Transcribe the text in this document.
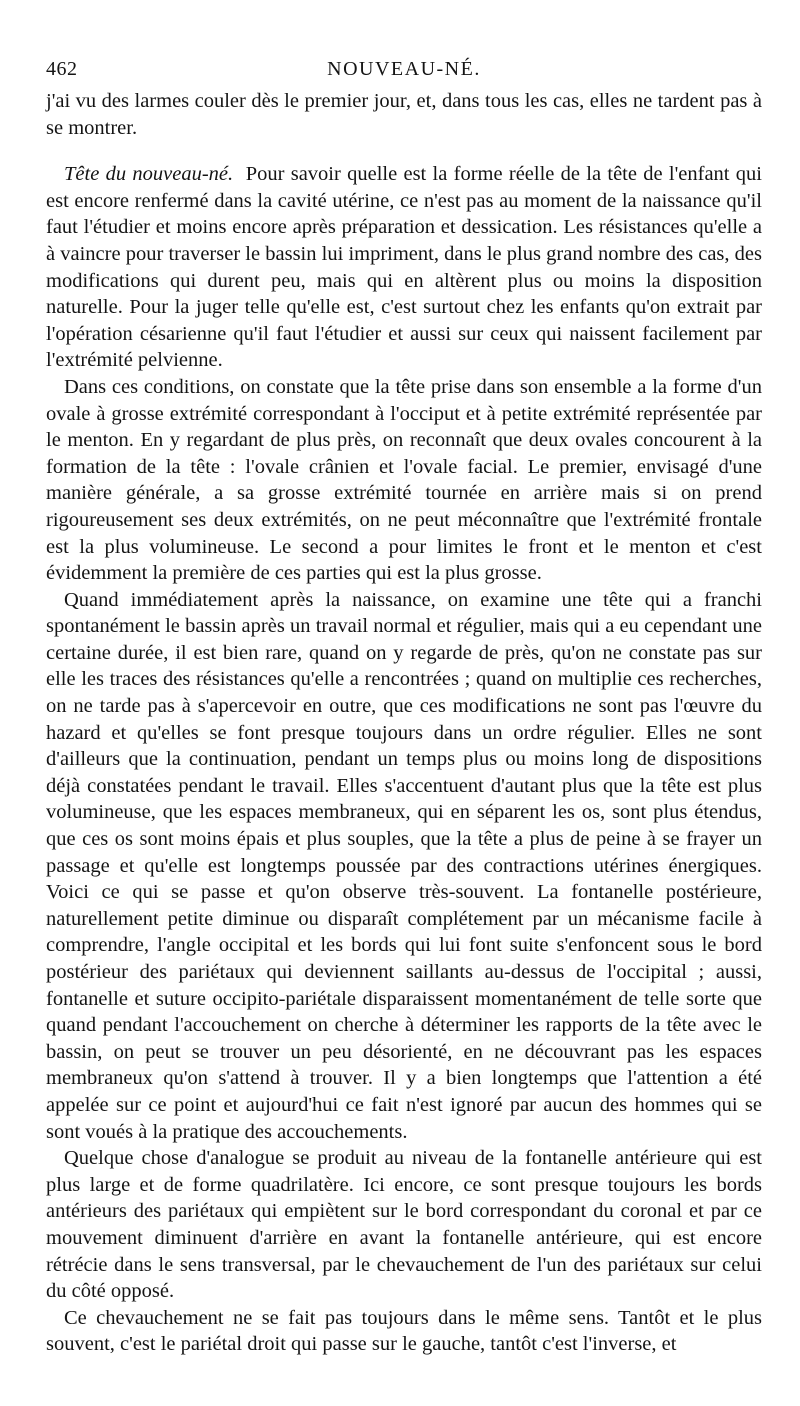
462	NOUVEAU-NÉ.

j'ai vu des larmes couler dès le premier jour, et, dans tous les cas, elles ne tardent pas à se montrer.

Tête du nouveau-né. Pour savoir quelle est la forme réelle de la tête de l'enfant qui est encore renfermé dans la cavité utérine, ce n'est pas au moment de la naissance qu'il faut l'étudier et moins encore après préparation et dessication. Les résistances qu'elle a à vaincre pour traverser le bassin lui impriment, dans le plus grand nombre des cas, des modifications qui durent peu, mais qui en altèrent plus ou moins la disposition naturelle. Pour la juger telle qu'elle est, c'est surtout chez les enfants qu'on extrait par l'opération césarienne qu'il faut l'étudier et aussi sur ceux qui naissent facilement par l'extrémité pelvienne.

Dans ces conditions, on constate que la tête prise dans son ensemble a la forme d'un ovale à grosse extrémité correspondant à l'occiput et à petite extrémité représentée par le menton. En y regardant de plus près, on reconnaît que deux ovales concourent à la formation de la tête : l'ovale crânien et l'ovale facial. Le premier, envisagé d'une manière générale, a sa grosse extrémité tournée en arrière mais si on prend rigoureusement ses deux extrémités, on ne peut méconnaître que l'extrémité frontale est la plus volumineuse. Le second a pour limites le front et le menton et c'est évidemment la première de ces parties qui est la plus grosse.

Quand immédiatement après la naissance, on examine une tête qui a franchi spontanément le bassin après un travail normal et régulier, mais qui a eu cependant une certaine durée, il est bien rare, quand on y regarde de près, qu'on ne constate pas sur elle les traces des résistances qu'elle a rencontrées ; quand on multiplie ces recherches, on ne tarde pas à s'apercevoir en outre, que ces modifications ne sont pas l'œuvre du hazard et qu'elles se font presque toujours dans un ordre régulier. Elles ne sont d'ailleurs que la continuation, pendant un temps plus ou moins long de dispositions déjà constatées pendant le travail. Elles s'accentuent d'autant plus que la tête est plus volumineuse, que les espaces membraneux, qui en séparent les os, sont plus étendus, que ces os sont moins épais et plus souples, que la tête a plus de peine à se frayer un passage et qu'elle est longtemps poussée par des contractions utérines énergiques. Voici ce qui se passe et qu'on observe très-souvent. La fontanelle postérieure, naturellement petite diminue ou disparaît complétement par un mécanisme facile à comprendre, l'angle occipital et les bords qui lui font suite s'enfoncent sous le bord postérieur des pariétaux qui deviennent saillants au-dessus de l'occipital ; aussi, fontanelle et suture occipito-pariétale disparaissent momentanément de telle sorte que quand pendant l'accouchement on cherche à déterminer les rapports de la tête avec le bassin, on peut se trouver un peu désorienté, en ne découvrant pas les espaces membraneux qu'on s'attend à trouver. Il y a bien longtemps que l'attention a été appelée sur ce point et aujourd'hui ce fait n'est ignoré par aucun des hommes qui se sont voués à la pratique des accouchements.

Quelque chose d'analogue se produit au niveau de la fontanelle antérieure qui est plus large et de forme quadrilatère. Ici encore, ce sont presque toujours les bords antérieurs des pariétaux qui empiètent sur le bord correspondant du coronal et par ce mouvement diminuent d'arrière en avant la fontanelle antérieure, qui est encore rétrécie dans le sens transversal, par le chevauchement de l'un des pariétaux sur celui du côté opposé.

Ce chevauchement ne se fait pas toujours dans le même sens. Tantôt et le plus souvent, c'est le pariétal droit qui passe sur le gauche, tantôt c'est l'inverse, et
